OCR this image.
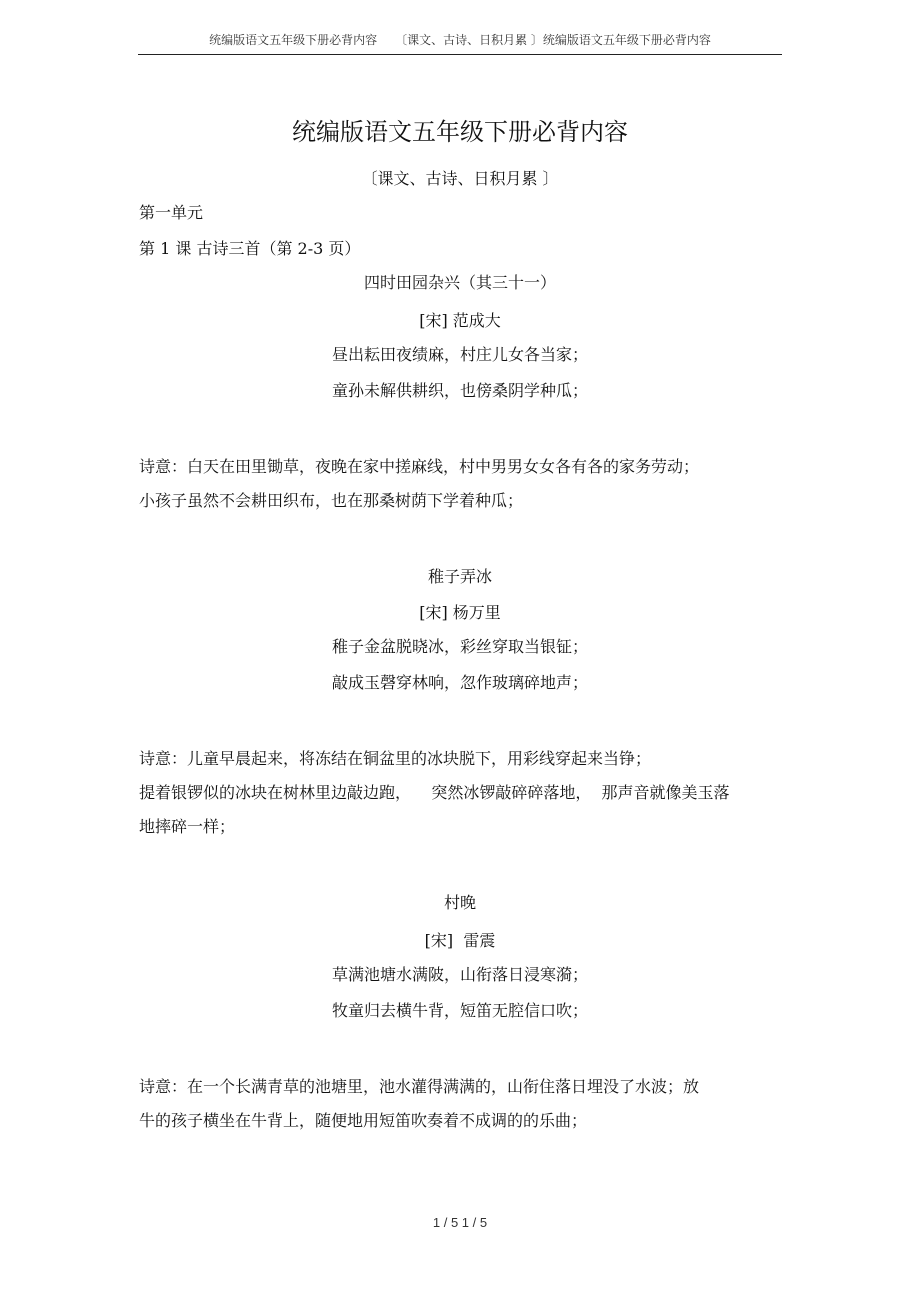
统编版语文五年级下册必背内容 〔课文、古诗、日积月累 〕统编版语文五年级下册必背内容
统编版语文五年级下册必背内容
〔课文、古诗、日积月累 〕
第一单元
第 1 课 古诗三首（第 2-3 页）
四时田园杂兴（其三十一）
[宋] 范成大
昼出耘田夜绩麻，村庄儿女各当家；
童孙未解供耕织，也傍桑阴学种瓜；
诗意：白天在田里锄草，夜晚在家中搓麻线，村中男男女女各有各的家务劳动；
小孩子虽然不会耕田织布，也在那桑树荫下学着种瓜；
稚子弄冰
[宋] 杨万里
稚子金盆脱晓冰，彩丝穿取当银钲；
敲成玉磬穿林响，忽作玻璃碎地声；
诗意：儿童早晨起来，将冻结在铜盆里的冰块脱下，用彩线穿起来当铮；
提着银锣似的冰块在树林里边敲边跑，    突然冰锣敲碎碎落地，  那声音就像美玉落
地摔碎一样；
村晚
[宋]  雷震
草满池塘水满陂，山衔落日浸寒漪；
牧童归去横牛背，短笛无腔信口吹；
诗意：在一个长满青草的池塘里，池水灌得满满的，山衔住落日埋没了水波；放
牛的孩子横坐在牛背上，随便地用短笛吹奏着不成调的的乐曲；
1 / 5 1 / 5
